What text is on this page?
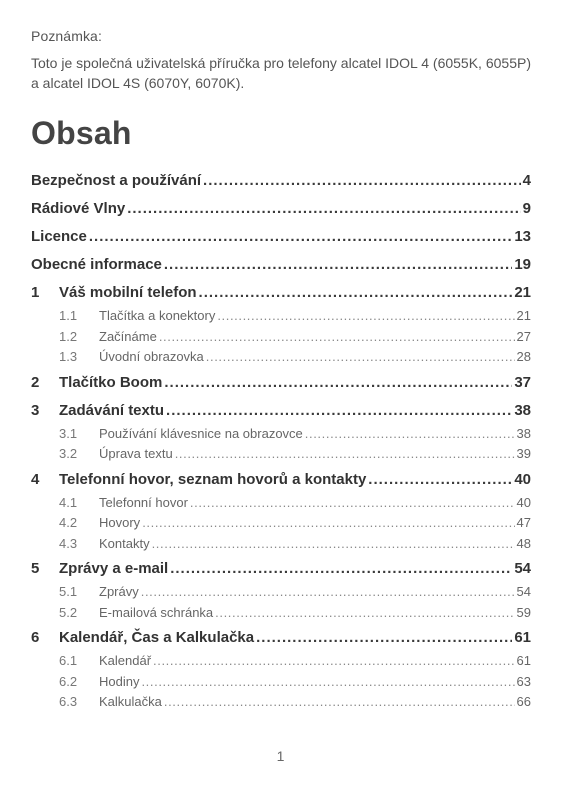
Poznámka:

Toto je společná uživatelská příručka pro telefony alcatel IDOL 4 (6055K, 6055P) a alcatel IDOL 4S (6070Y, 6070K).

Obsah
Bezpečnost a používání .....	4
Rádiové Vlny .....	9
Licence .....	13
Obecné informace .....	19
1	Váš mobilní telefon .....	21
1.1	Tlačítka a konektory .....	21
1.2	Začínáme .....	27
1.3	Úvodní obrazovka .....	28
2	Tlačítko Boom .....	37
3	Zadávání textu .....	38
3.1	Používání klávesnice na obrazovce .....	38
3.2	Úprava textu .....	39
4	Telefonní hovor, seznam hovorů a kontakty .....	40
4.1	Telefonní hovor .....	40
4.2	Hovory .....	47
4.3	Kontakty .....	48
5	Zprávy a e-mail .....	54
5.1	Zprávy .....	54
5.2	E-mailová schránka .....	59
6	Kalendář, Čas a Kalkulačka .....	61
6.1	Kalendář .....	61
6.2	Hodiny .....	63
6.3	Kalkulačka .....	66
1
